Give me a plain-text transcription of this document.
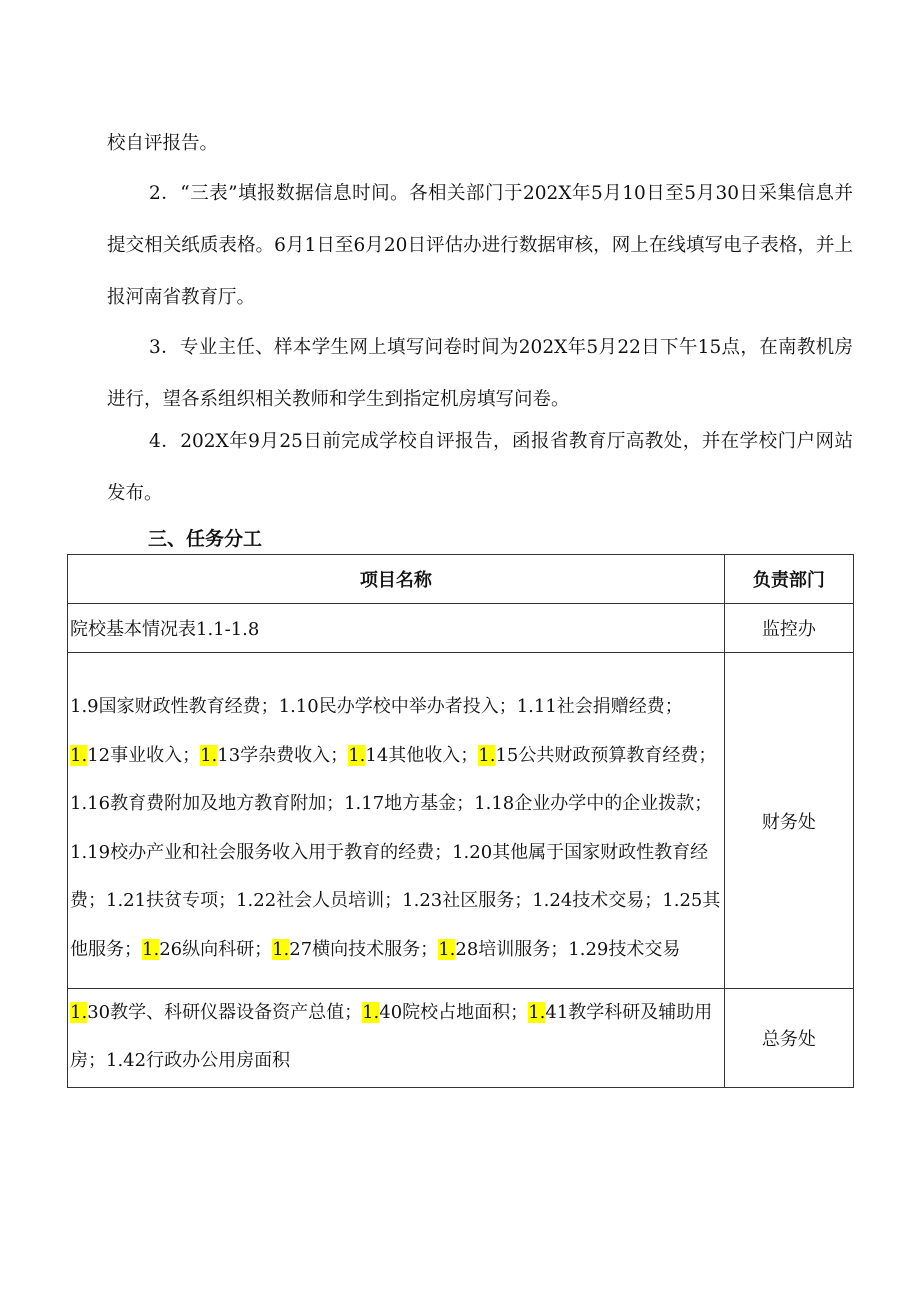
校自评报告。

2．“三表”填报数据信息时间。各相关部门于202X年5月10日至5月30日采集信息并提交相关纸质表格。6月1日至6月20日评估办进行数据审核，网上在线填写电子表格，并上报河南省教育厅。

3．专业主任、样本学生网上填写问卷时间为202X年5月22日下午15点，在南教机房进行，望各系组织相关教师和学生到指定机房填写问卷。

4．202X年9月25日前完成学校自评报告，函报省教育厅高教处，并在学校门户网站发布。

三、任务分工
项目名称	负责部门
院校基本情况表1.1-1.8	监控办
1.9国家财政性教育经费；1.10民办学校中举办者投入；1.11社会捐赠经费；1.12事业收入；1.13学杂费收入；1.14其他收入；1.15公共财政预算教育经费；1.16教育费附加及地方教育附加；1.17地方基金；1.18企业办学中的企业拨款；1.19校办产业和社会服务收入用于教育的经费；1.20其他属于国家财政性教育经费；1.21扶贫专项；1.22社会人员培训；1.23社区服务；1.24技术交易；1.25其他服务；1.26纵向科研；1.27横向技术服务；1.28培训服务；1.29技术交易	财务处
1.30教学、科研仪器设备资产总值；1.40院校占地面积；1.41教学科研及辅助用房；1.42行政办公用房面积	总务处
